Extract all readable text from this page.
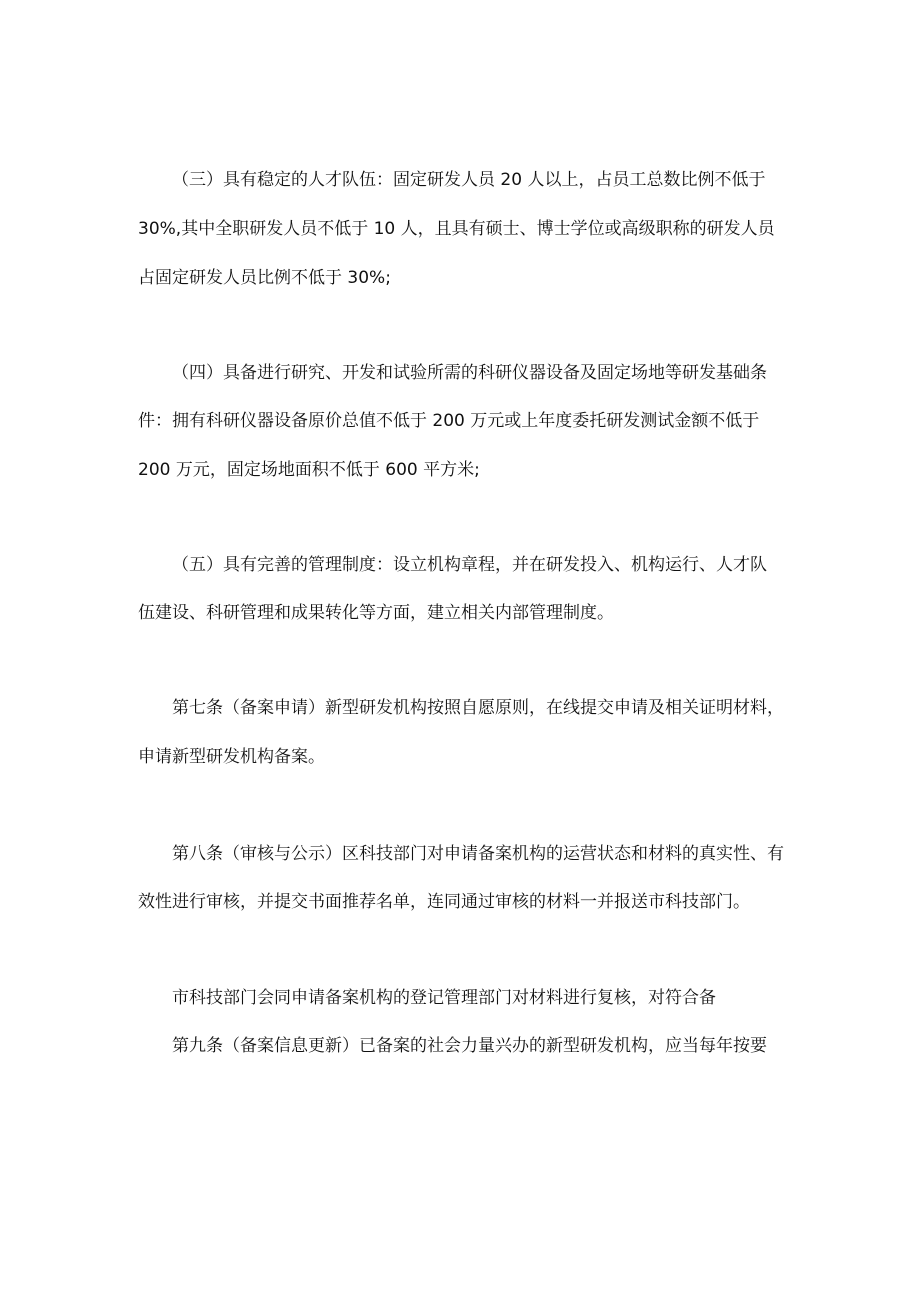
（三）具有稳定的人才队伍：固定研发人员 20 人以上，占员工总数比例不低于
30%,其中全职研发人员不低于 10 人，且具有硕士、博士学位或高级职称的研发人员
占固定研发人员比例不低于 30%;
（四）具备进行研究、开发和试验所需的科研仪器设备及固定场地等研发基础条
件：拥有科研仪器设备原价总值不低于 200 万元或上年度委托研发测试金额不低于
200 万元，固定场地面积不低于 600 平方米;
（五）具有完善的管理制度：设立机构章程，并在研发投入、机构运行、人才队
伍建设、科研管理和成果转化等方面，建立相关内部管理制度。
第七条（备案申请）新型研发机构按照自愿原则，在线提交申请及相关证明材料，
申请新型研发机构备案。
第八条（审核与公示）区科技部门对申请备案机构的运营状态和材料的真实性、有
效性进行审核，并提交书面推荐名单，连同通过审核的材料一并报送市科技部门。
市科技部门会同申请备案机构的登记管理部门对材料进行复核，对符合备
第九条（备案信息更新）已备案的社会力量兴办的新型研发机构，应当每年按要
